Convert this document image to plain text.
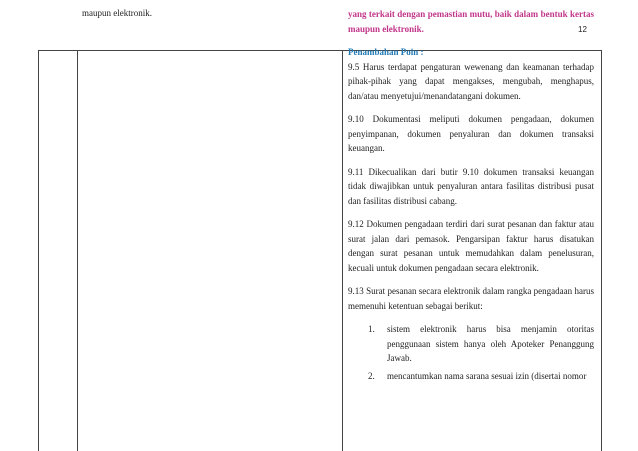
12
maupun elektronik.	yang terkait dengan pemastian mutu, baik dalam bentuk kertas maupun elektronik.

Penambahan Poin :

9.5 Harus terdapat pengaturan wewenang dan keamanan terhadap pihak-pihak yang dapat mengakses, mengubah, menghapus, dan/atau menyetujui/menandatangani dokumen.

9.10 Dokumentasi meliputi dokumen pengadaan, dokumen penyimpanan, dokumen penyaluran dan dokumen transaksi keuangan.

9.11 Dikecualikan dari butir 9.10 dokumen transaksi keuangan tidak diwajibkan untuk penyaluran antara fasilitas distribusi pusat dan fasilitas distribusi cabang.

9.12 Dokumen pengadaan terdiri dari surat pesanan dan faktur atau surat jalan dari pemasok. Pengarsipan faktur harus disatukan dengan surat pesanan untuk memudahkan dalam penelusuran, kecuali untuk dokumen pengadaan secara elektronik.

9.13 Surat pesanan secara elektronik dalam rangka pengadaan harus memenuhi ketentuan sebagai berikut:

1.	sistem elektronik harus bisa menjamin otoritas penggunaan sistem hanya oleh Apoteker Penanggung Jawab.
2.	mencantumkan nama sarana sesuai izin (disertai nomor
